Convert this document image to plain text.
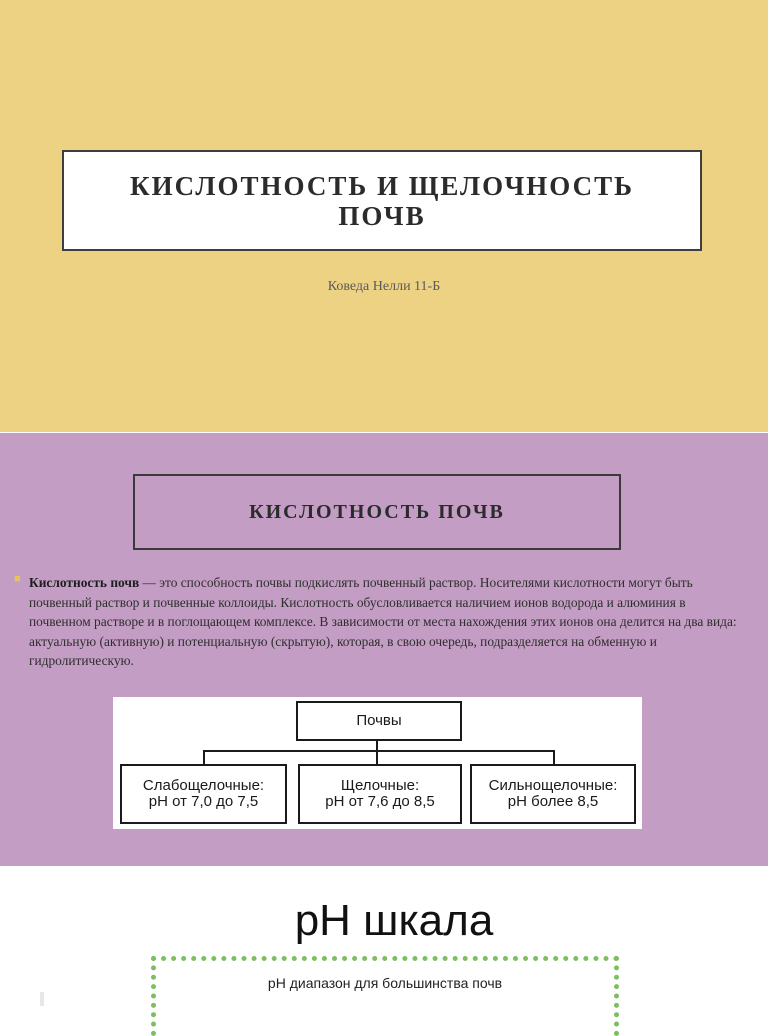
КИСЛОТНОСТЬ И ЩЕЛОЧНОСТЬ ПОЧВ
Коведа Нелли 11-Б
КИСЛОТНОСТЬ ПОЧВ
■ Кислотность почв — это способность почвы подкислять почвенный раствор. Носителями кислотности могут быть почвенный раствор и почвенные коллоиды. Кислотность обусловливается наличием ионов водорода и алюминия в почвенном растворе и в поглощающем комплексе. В зависимости от места нахождения этих ионов она делится на два вида: актуальную (активную) и потенциальную (скрытую), которая, в свою очередь, подразделяется на обменную и гидролитическую.

Почвы
Слабощелочные:
рН от 7,0 до 7,5
Щелочные:
рН от 7,6 до 8,5
Сильнощелочные:
рН более 8,5
pH шкала
pH диапазон для большинства почв
